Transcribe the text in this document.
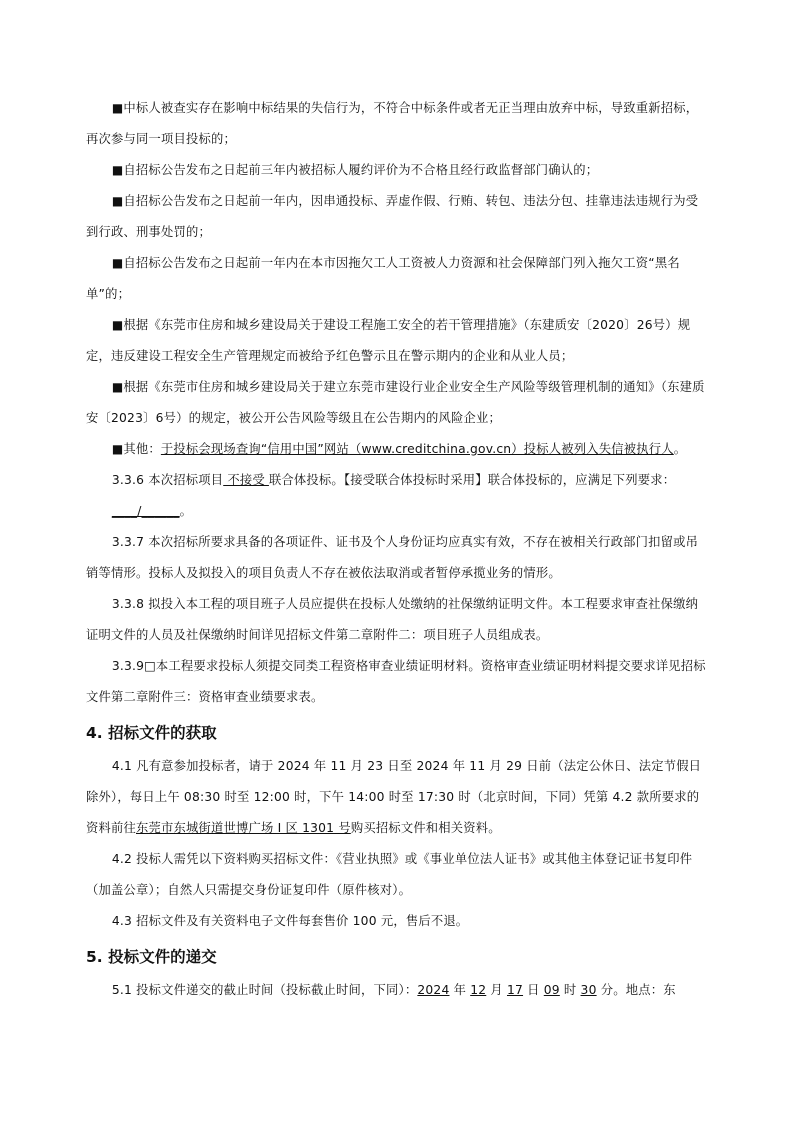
■ 中标人被查实存在影响中标结果的失信行为，不符合中标条件或者无正当理由放弃中标，导致重新招标，再次参与同一项目投标的；

■ 自招标公告发布之日起前三年内被招标人履约评价为不合格且经行政监督部门确认的；

■ 自招标公告发布之日起前一年内，因串通投标、弄虚作假、行贿、转包、违法分包、挂靠违法违规行为受到行政、刑事处罚的；

■ 自招标公告发布之日起前一年内在本市因拖欠工人工资被人力资源和社会保障部门列入拖欠工资“黑名单”的；

■ 根据《东莞市住房和城乡建设局关于建设工程施工安全的若干管理措施》（东建质安〔2020〕26号）规定，违反建设工程安全生产管理规定而被给予红色警示且在警示期内的企业和从业人员；

■ 根据《东莞市住房和城乡建设局关于建立东莞市建设行业企业安全生产风险等级管理机制的通知》（东建质安〔2023〕6号）的规定，被公开公告风险等级且在公告期内的风险企业；

■ 其他：于投标会现场查询“信用中国”网站（www.creditchina.gov.cn）投标人被列入失信被执行人。

3.3.6 本次招标项目 不接受 联合体投标。【接受联合体投标时采用】联合体投标的，应满足下列要求：____/______。

3.3.7 本次招标所要求具备的各项证件、证书及个人身份证均应真实有效，不存在被相关行政部门扣留或吊销等情形。投标人及拟投入的项目负责人不存在被依法取消或者暂停承揽业务的情形。

3.3.8 拟投入本工程的项目班子人员应提供在投标人处缴纳的社保缴纳证明文件。本工程要求审查社保缴纳证明文件的人员及社保缴纳时间详见招标文件第二章附件二：项目班子人员组成表。

3.3.9□本工程要求投标人须提交同类工程资格审查业绩证明材料。资格审查业绩证明材料提交要求详见招标文件第二章附件三：资格审查业绩要求表。

4. 招标文件的获取

4.1 凡有意参加投标者，请于 2024 年 11 月 23 日至 2024 年 11 月 29 日前（法定公休日、法定节假日除外），每日上午 08:30 时至 12:00 时，下午 14:00 时至 17:30 时（北京时间，下同）凭第 4.2 款所要求的资料前往东莞市东城街道世博广场 I 区 1301 号购买招标文件和相关资料。

4.2 投标人需凭以下资料购买招标文件：《营业执照》或《事业单位法人证书》或其他主体登记证书复印件（加盖公章）；自然人只需提交身份证复印件（原件核对）。

4.3 招标文件及有关资料电子文件每套售价 100 元，售后不退。

5. 投标文件的递交

5.1 投标文件递交的截止时间（投标截止时间，下同）：2024 年 12 月 17 日 09 时 30 分。地点：东
